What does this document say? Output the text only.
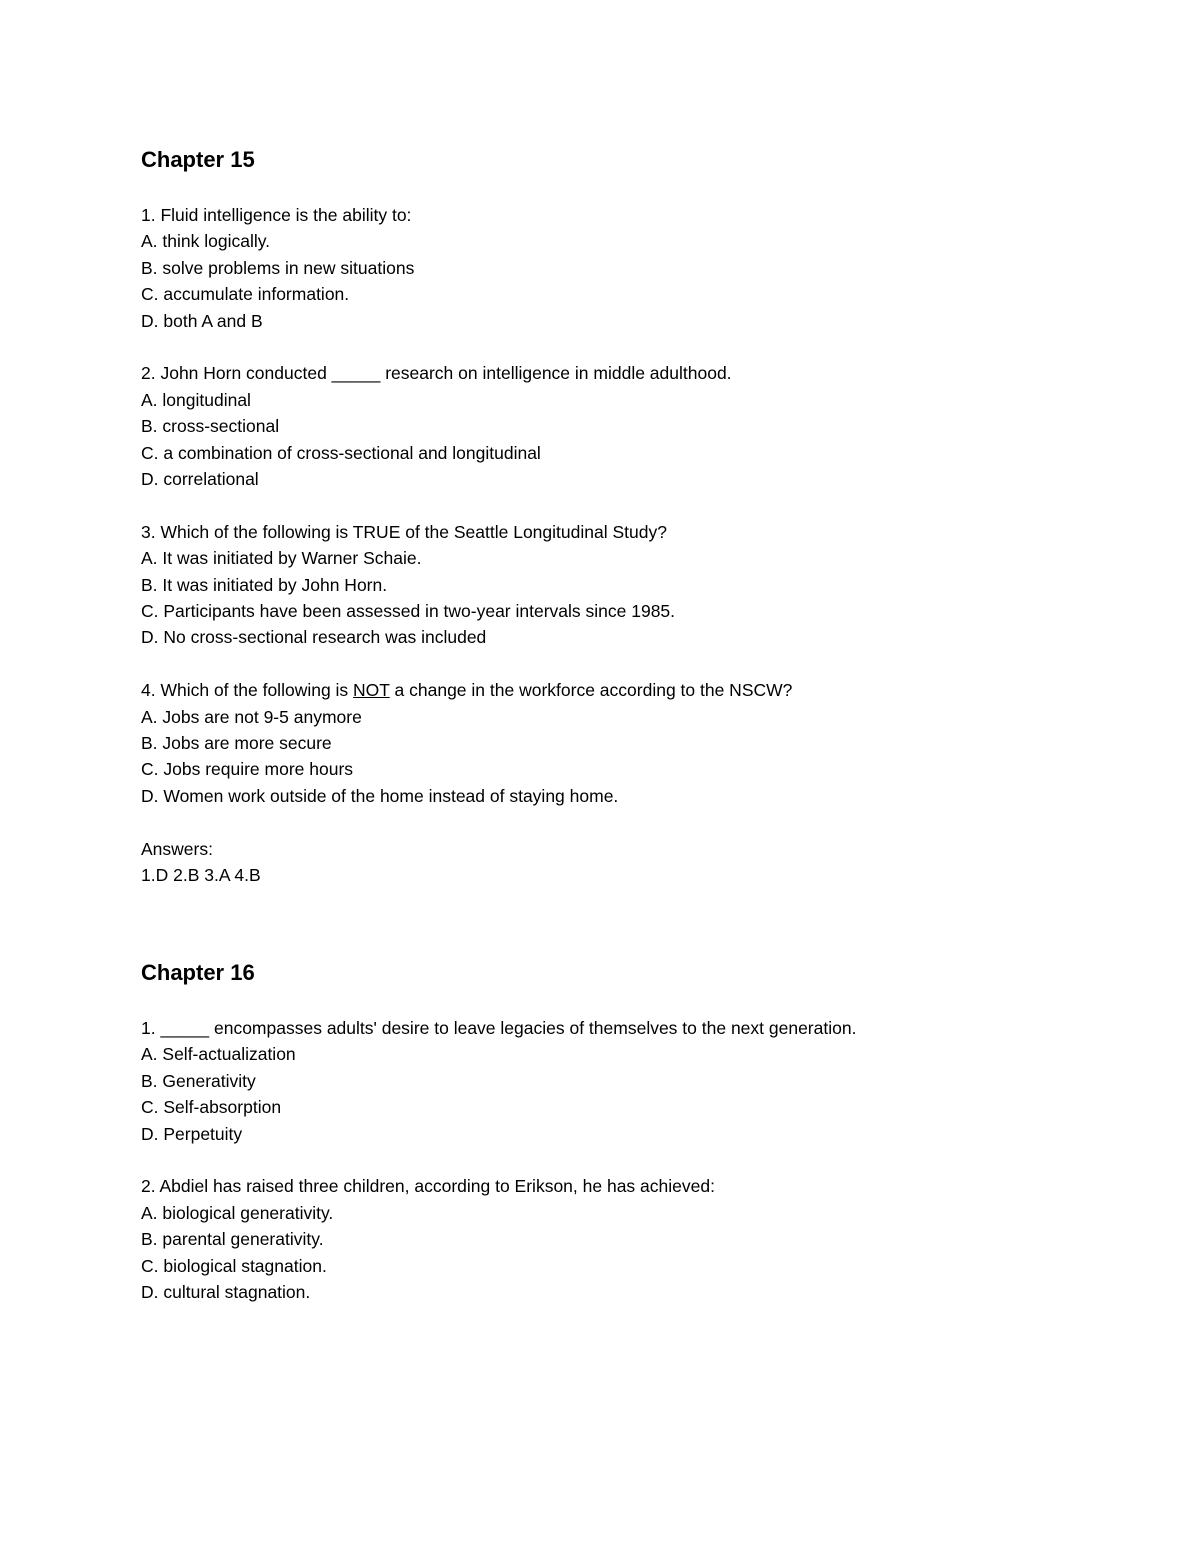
Chapter 15
1. Fluid intelligence is the ability to:
A. think logically.
B. solve problems in new situations
C. accumulate information.
D. both A and B
2. John Horn conducted _____ research on intelligence in middle adulthood.
A. longitudinal
B. cross-sectional
C. a combination of cross-sectional and longitudinal
D. correlational
3. Which of the following is TRUE of the Seattle Longitudinal Study?
A. It was initiated by Warner Schaie.
B. It was initiated by John Horn.
C. Participants have been assessed in two-year intervals since 1985.
D. No cross-sectional research was included
4. Which of the following is NOT a change in the workforce according to the NSCW?
A. Jobs are not 9-5 anymore
B. Jobs are more secure
C. Jobs require more hours
D. Women work outside of the home instead of staying home.
Answers:
1.D 2.B 3.A 4.B
Chapter 16
1. _____ encompasses adults' desire to leave legacies of themselves to the next generation.
A. Self-actualization
B. Generativity
C. Self-absorption
D. Perpetuity
2. Abdiel has raised three children, according to Erikson, he has achieved:
A. biological generativity.
B. parental generativity.
C. biological stagnation.
D. cultural stagnation.
